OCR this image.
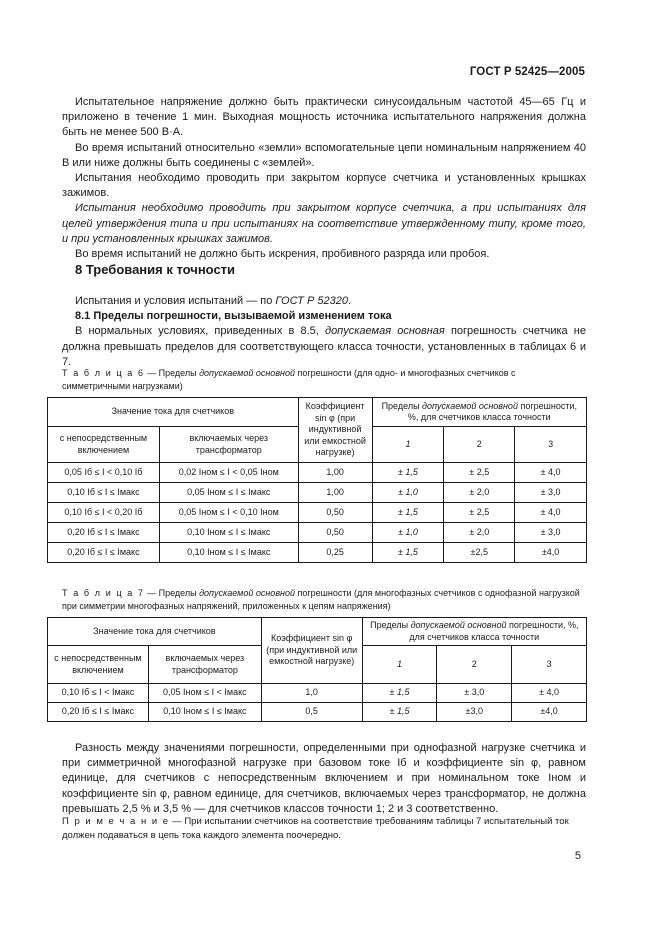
ГОСТ Р 52425—2005

Испытательное напряжение должно быть практически синусоидальным частотой 45—65 Гц и приложено в течение 1 мин. Выходная мощность источника испытательного напряжения должна быть не менее 500 В·А.

Во время испытаний относительно «земли» вспомогательные цепи номинальным напряжением 40 В или ниже должны быть соединены с «землей».

Испытания необходимо проводить при закрытом корпусе счетчика и установленных крышках зажимов.

Испытания необходимо проводить при закрытом корпусе счетчика, а при испытаниях для целей утверждения типа и при испытаниях на соответствие утвержденному типу, кроме того, и при установленных крышках зажимов.

Во время испытаний не должно быть искрения, пробивного разряда или пробоя.

8 Требования к точности

Испытания и условия испытаний — по ГОСТ Р 52320.

8.1 Пределы погрешности, вызываемой изменением тока

В нормальных условиях, приведенных в 8.5, допускаемая основная погрешность счетчика не должна превышать пределов для соответствующего класса точности, установленных в таблицах 6 и 7.

Т а б л и ц а 6 — Пределы допускаемой основной погрешности (для одно- и многофазных счетчиков с симметричными нагрузками)
Значение тока для счетчиков		Коэффициент sin φ (при индуктивной или емкостной нагрузке)	Пределы допускаемой основной погрешности, %, для счетчиков класса точности		
с непосредственным включением	включаемых через трансформатор		1	2	3
0,05 Iб ≤ I < 0,10 Iб	0,02 Iном ≤ I < 0,05 Iном	1,00	± 1,5	± 2,5	± 4,0
0,10 Iб ≤ I ≤ Iмакс	0,05 Iном ≤ I ≤ Iмакс	1,00	± 1,0	± 2,0	± 3,0
0,10 Iб ≤ I < 0,20 Iб	0,05 Iном ≤ I < 0,10 Iном	0,50	± 1,5	± 2,5	± 4,0
0,20 Iб ≤ I ≤ Iмакс	0,10 Iном ≤ I ≤ Iмакс	0,50	± 1,0	± 2,0	± 3,0
0,20 Iб ≤ I ≤ Iмакс	0,10 Iном ≤ I ≤ Iмакс	0,25	± 1,5	±2,5	±4,0
Т а б л и ц а 7 — Пределы допускаемой основной погрешности (для многофазных счетчиков с однофазной нагрузкой при симметрии многофазных напряжений, приложенных к цепям напряжения)
Значение тока для счетчиков		Коэффициент sin φ (при индуктивной или емкостной нагрузке)	Пределы допускаемой основной погрешности, %, для счетчиков класса точности		
с непосредственным включением	включаемых через трансформатор		1	2	3
0,10 Iб ≤ I < Iмакс	0,05 Iном ≤ I < Iмакс	1,0	± 1,5	± 3,0	± 4,0
0,20 Iб ≤ I ≤ Iмакс	0,10 Iном ≤ I ≤ Iмакс	0,5	± 1,5	±3,0	±4,0

Разность между значениями погрешности, определенными при однофазной нагрузке счетчика и при симметричной многофазной нагрузке при базовом токе Iб и коэффициенте sin φ, равном единице, для счетчиков с непосредственным включением и при номинальном токе Iном и коэффициенте sin φ, равном единице, для счетчиков, включаемых через трансформатор, не должна превышать 2,5 % и 3,5 % — для счетчиков классов точности 1; 2 и 3 соответственно.

П р и м е ч а н и е — При испытании счетчиков на соответствие требованиям таблицы 7 испытательный ток должен подаваться в цепь тока каждого элемента поочередно.
5
